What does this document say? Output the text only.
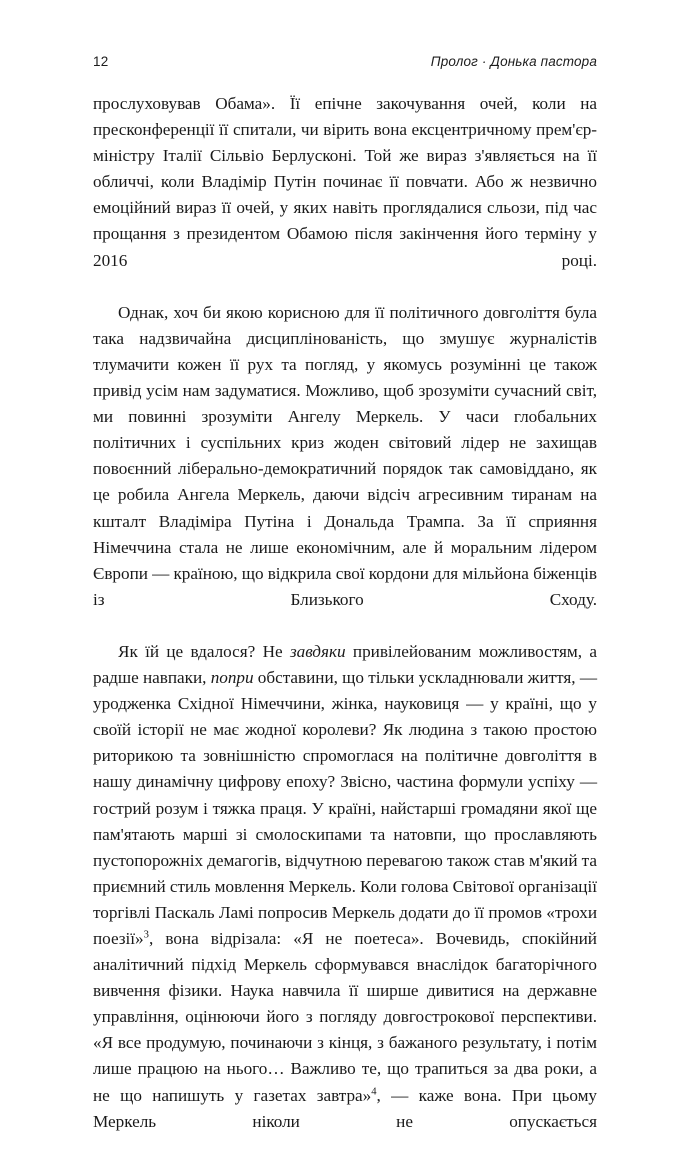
12	Пролог · Донька пастора

прослуховував Обама». Її епічне закочування очей, коли на пресконференції її спитали, чи вірить вона ексцентричному прем'єр-міністру Італії Сільвіо Берлусконі. Той же вираз з'являється на її обличчі, коли Владімір Путін починає її повчати. Або ж незвично емоційний вираз її очей, у яких навіть проглядалися сльози, під час прощання з президентом Обамою після закінчення його терміну у 2016 році.

Однак, хоч би якою корисною для її політичного довголіття була така надзвичайна дисциплінованість, що змушує журналістів тлумачити кожен її рух та погляд, у якомусь розумінні це також привід усім нам задуматися. Можливо, щоб зрозуміти сучасний світ, ми повинні зрозуміти Ангелу Меркель. У часи глобальних політичних і суспільних криз жоден світовий лідер не захищав повоєнний ліберально-демократичний порядок так самовіддано, як це робила Ангела Меркель, даючи відсіч агресивним тиранам на кшталт Владіміра Путіна і Дональда Трампа. За її сприяння Німеччина стала не лише економічним, але й моральним лідером Європи — країною, що відкрила свої кордони для мільйона біженців із Близького Сходу.

Як їй це вдалося? Не завдяки привілейованим можливостям, а радше навпаки, попри обставини, що тільки ускладнювали життя, — уродженка Східної Німеччини, жінка, науковиця — у країні, що у своїй історії не має жодної королеви? Як людина з такою простою риторикою та зовнішністю спромоглася на політичне довголіття в нашу динамічну цифрову епоху? Звісно, частина формули успіху — гострий розум і тяжка праця. У країні, найстарші громадяни якої ще пам'ятають марші зі смолоскипами та натовпи, що прославляють пустопорожніх демагогів, відчутною перевагою також став м'який та приємний стиль мовлення Меркель. Коли голова Світової організації торгівлі Паскаль Ламі попросив Меркель додати до її промов «трохи поезії»$^3$, вона відрізала: «Я не поетеса». Вочевидь, спокійний аналітичний підхід Меркель сформувався внаслідок багаторічного вивчення фізики. Наука навчила її ширше дивитися на державне управління, оцінюючи його з погляду довгострокової перспективи. «Я все продумую, починаючи з кінця, з бажаного результату, і потім лише працюю на нього… Важливо те, що трапиться за два роки, а не що напишуть у газетах завтра»$^4$, — каже вона. При цьому Меркель ніколи не опускається
